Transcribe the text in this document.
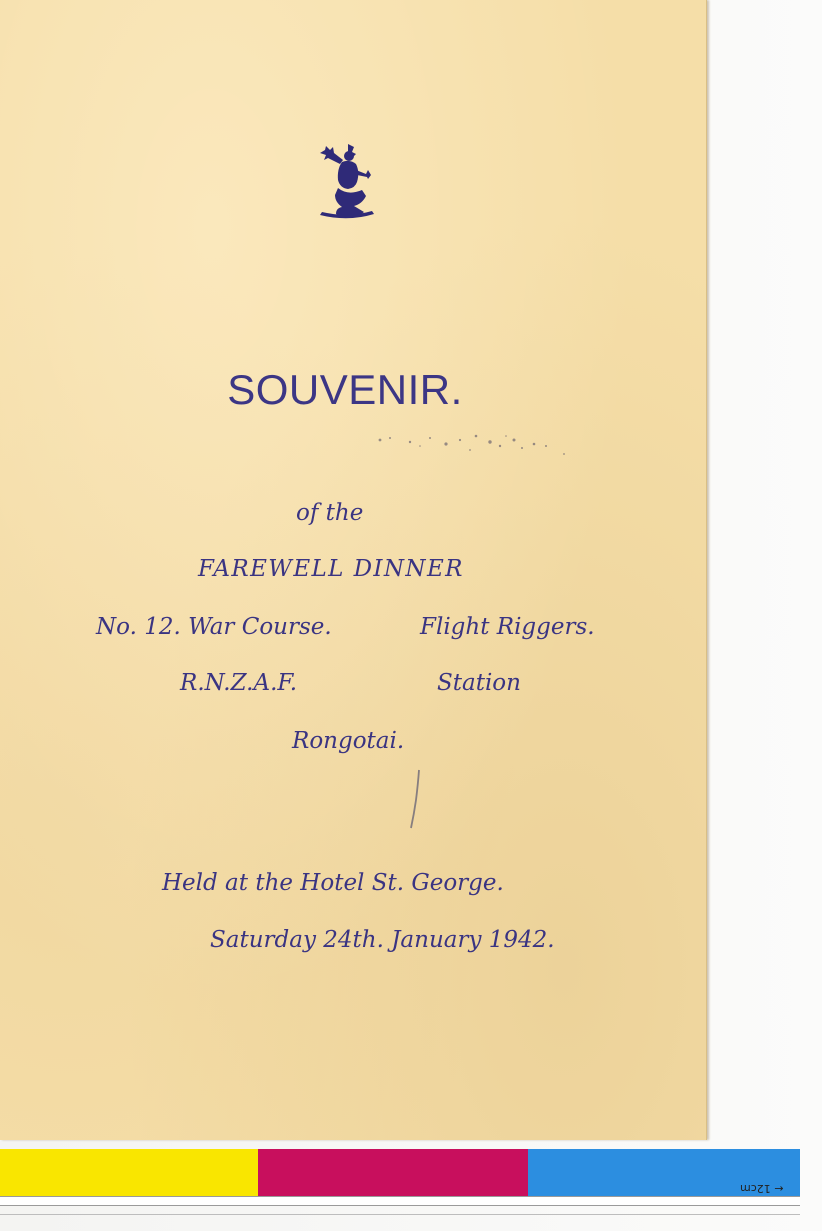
SOUVENIR.
of the
FAREWELL DINNER
No. 12. War Course.	Flight Riggers.
R.N.Z.A.F.	Station
Rongotai.
Held at the Hotel St. George.
Saturday 24th. January 1942.
← 12cm
